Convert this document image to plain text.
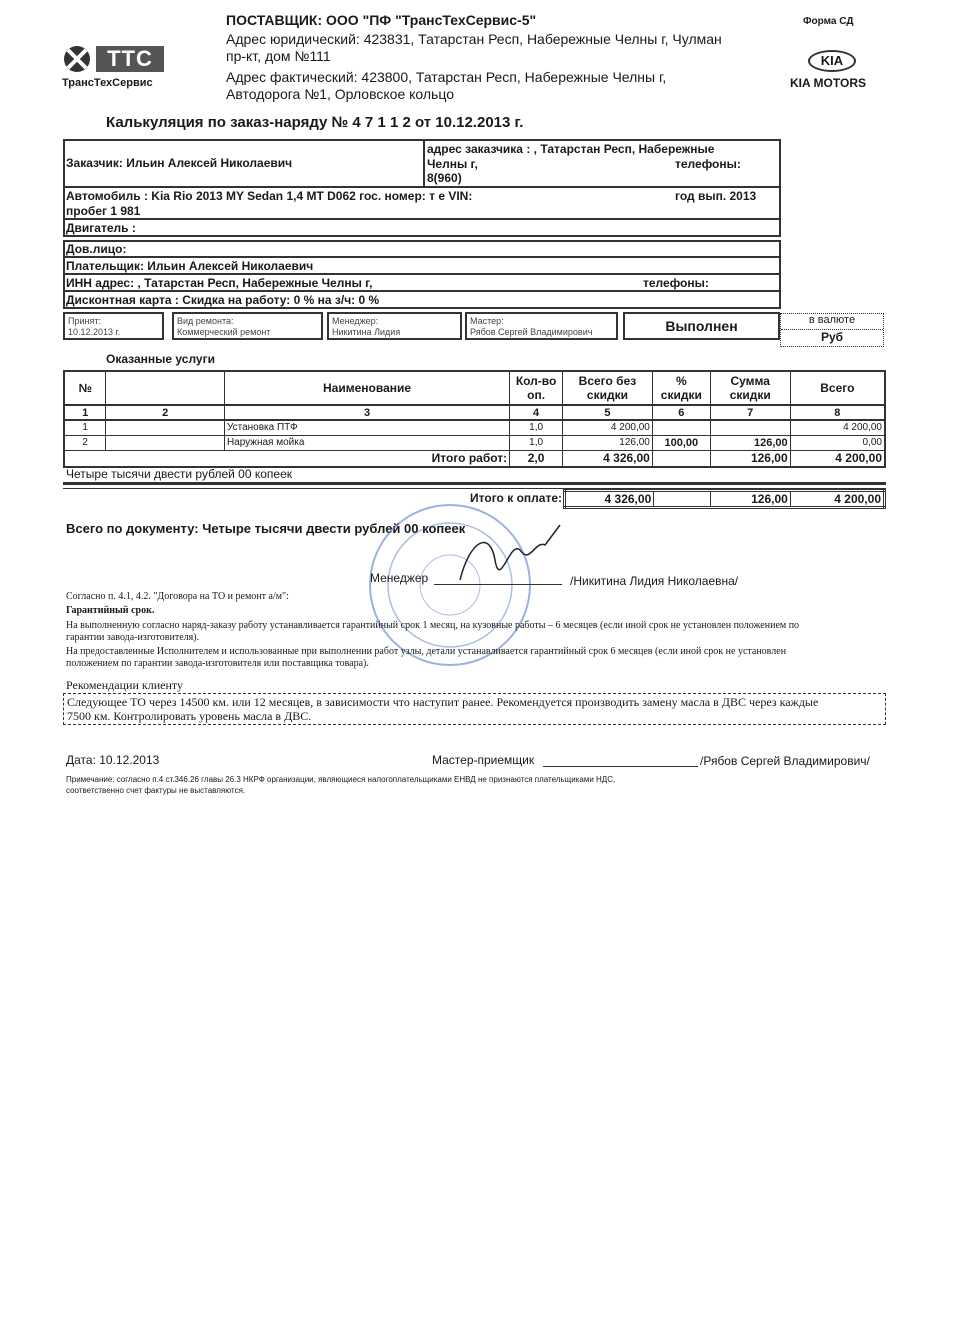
ТТС
ТрансТехСервис
ПОСТАВЩИК: ООО "ПФ "ТрансТехСервис-5"
Адрес юридический: 423831, Татарстан Респ, Набережные Челны г, Чулман
пр-кт, дом №111
Адрес фактический: 423800, Татарстан Респ, Набережные Челны г,
Автодорога №1, Орловское кольцо
Форма СД
KIA
KIA MOTORS
Калькуляция по заказ-наряду № 4 7 1 1 2 от 10.12.2013 г.
Заказчик: Ильин Алексей Николаевич
адрес заказчика : , Татарстан Респ, Набережные
Челны г,	телефоны:
8(960)
Автомобиль : Kia Rio 2013 MY Sedan 1,4 MT D062 гос. номер: т е VIN:	год вып. 2013
пробег 1 981
Двигатель :
Дов.лицо:
Плательщик: Ильин Алексей Николаевич
ИНН адрес: , Татарстан Респ, Набережные Челны г,	телефоны:
Дисконтная карта : Скидка на работу: 0 % на з/ч: 0 %
Принят:
10.12.2013 г.
Вид ремонта:
Коммерческий ремонт
Менеджер:
Никитина Лидия
Мастер:
Рябов Сергей Владимирович	Выполнен	в валюте
Руб
Оказанные услуги
№		Наименование	Кол-во оп.	Всего без скидки	% скидки	Сумма скидки	Всего
1	2	3	4	5	6	7	8
1		Установка ПТФ	1,0	4 200,00			4 200,00
2		Наружная мойка	1,0	126,00	100,00	126,00	0,00
Итого работ:			2,0	4 326,00		126,00	4 200,00
Четыре тысячи двести рублей 00 копеек
Итого к оплате:	4 326,00		126,00	4 200,00
Всего по документу: Четыре тысячи двести рублей 00 копеек
Менеджер	/Никитина Лидия Николаевна/
Согласно п. 4.1, 4.2. "Договора на ТО и ремонт а/м":
Гарантийный срок.
На выполненную согласно наряд-заказу работу устанавливается гарантийный срок 1 месяц, на кузовные работы – 6 месяцев (если иной срок не установлен положением по
гарантии завода-изготовителя).
На предоставленные Исполнителем и использованные при выполнении работ узлы, детали устанавливается гарантийный срок 6 месяцев (если иной срок не установлен
положением по гарантии завода-изготовителя или поставщика товара).
Рекомендации клиенту
Следующее ТО через 14500 км. или 12 месяцев, в зависимости что наступит ранее. Рекомендуется производить замену масла в ДВС через каждые
7500 км. Контролировать уровень масла в ДВС.
Дата: 10.12.2013	Мастер-приемщик	/Рябов Сергей Владимирович/
Примечание: согласно п.4 ст.346.26 главы 26.3 НКРФ организации, являющиеся налогоплательщиками ЕНВД не признаются плательщиками НДС,
соответственно счет фактуры не выставляются.
